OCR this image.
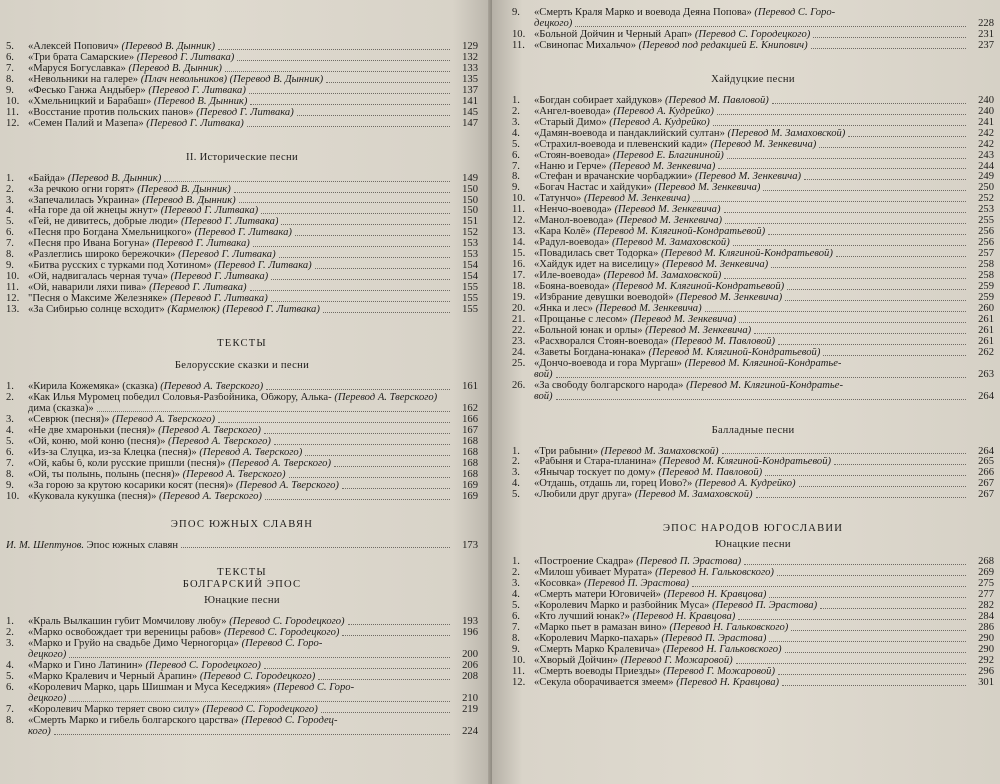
5.	«Алексей Попович» (Перевод В. Дынник)	129
6.	«Три брата Самарские» (Перевод Г. Литвака)	132
7.	«Маруся Богуславка» (Перевод В. Дынник)	133
8.	«Невольники на галере» (Плач невольников) (Перевод В. Дынник)	135
9.	«Феcько Ганжа Андыбер» (Перевод Г. Литвака)	137
10. «Хмельницкий и Барабаш» (Перевод В. Дынник)	141
11. «Восстание против польских панов» (Перевод Г. Литвака)	145
12. «Семен Палий и Мазепа» (Перевод Г. Литвака)	147
II. Исторические песни
1.	«Байда» (Перевод В. Дынник)	149
2.	«За речкою огни горят» (Перевод В. Дынник)	150
3.	«Запечалилась Украина» (Перевод В. Дынник)	150
4.	«На горе да ой жнецы жнут» (Перевод Г. Литвака)	150
5.	«Гей, не дивитесь, добрые люди» (Перевод Г. Литвака)	151
6.	«Песня про Богдана Хмельницкого» (Перевод Г. Литвака)	152
7.	«Песня про Ивана Богуна» (Перевод Г. Литвака)	153
8.	«Разлеглись широко бережочки» (Перевод Г. Литвака)	153
9.	«Битва русских с турками под Хотином» (Перевод Г. Литвака)	154
10. «Ой, надвигалась черная туча» (Перевод Г. Литвака)	154
11. «Ой, наварили ляхи пива» (Перевод Г. Литвака)	155
12. "Песня о Максиме Железняке» (Перевод Г. Литвака)	155
13. «За Сибирью солнце всходит» (Кармелюк) (Перевод Г. Литвака)	155
ТЕКСТЫ
Белорусские сказки и песни
1.	«Кирила Кожемяка» (сказка) (Перевод А. Тверского)	161
2.	«Как Илья Муромец победил Соловья-Разбойника, Обжору, Алька- (Перевод А. Тверского)
дима (сказка)»	162
3.	«Севрюк (песня)» (Перевод А. Тверского)	166
4.	«Не две хмароньки (песня)» (Перевод А. Тверского)	167
5.	«Ой, коню, мой коню (песня)» (Перевод А. Тверского)	168
6.	«Из-за Слуцка, из-за Клецка (песня)» (Перевод А. Тверского)	168
7.	«Ой, кабы б, коли русские пришли (песня)» (Перевод А. Тверского)	168
8.	«Ой, ты полынь, полынь (песня)» (Перевод А. Тверского)	168
9.	«За горою за крутою косарики косят (песня)» (Перевод А. Тверского)	169
10. «Куковала кукушка (песня)» (Перевод А. Тверского)	169
ЭПОС ЮЖНЫХ СЛАВЯН
И. М. Шептунов. Эпос южных славян	173
ТЕКСТЫ
БОЛГАРСКИЙ ЭПОС
Юнацкие песни
1.	«Краль Вылкашин губит Момчилову любу» (Перевод С. Городецкого)	193
2.	«Марко освобождает три вереницы рабов» (Перевод С. Городецкого)	196
3.	«Марко и Груйо на свадьбе Димо Черногорца» (Перевод С. Горо-
децкого)	200
4.	«Марко и Гино Латинин» (Перевод С. Городецкого)	206
5.	«Марко Кралевич и Черный Арапин» (Перевод С. Городецкого)	208
6.	«Королевич Марко, царь Шишман и Муса Кеседжия» (Перевод С. Горо-
децкого)	210
7.	«Королевич Марко теряет свою силу» (Перевод С. Городецкого)	219
8.	«Смерть Марко и гибель болгарского царства» (Перевод С. Городец-
кого)	224
9.	«Смерть Краля Марко и воевода Деяна Попова» (Перевод С. Горо-
децкого)	228
10. «Больной Дойчин и Черный Арап» (Перевод С. Городецкого)	231
11. «Свинопас Михальчо» (Перевод под редакцией Е. Книпович)	237
Хайдуцкие песни
1.	«Богдан собирает хайдуков» (Перевод М. Павловой)	240
2.	«Ангел-воевода» (Перевод А. Кудрейко)	240
3.	«Старый Димо» (Перевод А. Кудрейко)	241
4.	«Дамян-воевода и пандаклийский султан» (Перевод М. Замаховской)	242
5.	«Страхил-воевода и плевенский кади» (Перевод М. Зенкевича)	242
6.	«Стоян-воевода» (Перевод Е. Благининой)	243
7.	«Наню и Герче» (Перевод М. Зенкевича)	244
8.	«Стефан и врачанские чорбаджии» (Перевод М. Зенкевича)	249
9.	«Богач Настас и хайдуки» (Перевод М. Зенкевича)	250
10. «Татунчо» (Перевод М. Зенкевича)	252
11. «Ненчо-воевода» (Перевод М. Зенкевича)	253
12. «Манол-воевода» (Перевод М. Зенкевича)	255
13. «Кара Колё» (Перевод М. Клягиной-Кондратьевой)	256
14. «Радул-воевода» (Перевод М. Замаховской)	256
15. «Повадилась свет Тодорка» (Перевод М. Клягиной-Кондратьевой)	257
16. «Хайдук идет на виселицу» (Перевод М. Зенкевича)	258
17. «Иле-воевода» (Перевод М. Замаховской)	258
18. «Бояна-воевода» (Перевод М. Клягиной-Кондратьевой)	259
19. «Избрание девушки воеводой» (Перевод М. Зенкевича)	259
20. «Янка и лес» (Перевод М. Зенкевича)	260
21. «Прощанье с лесом» (Перевод М. Зенкевича)	261
22. «Больной юнак и орлы» (Перевод М. Зенкевича)	261
23. «Расхворался Стоян-воевода» (Перевод М. Павловой)	261
24. «Заветы Богдана-юнака» (Перевод М. Клягиной-Кондратьевой)	262
25. «Дончо-воевода и гора Мургаш» (Перевод М. Клягиной-Кондратье-
вой)	263
26. «За свободу болгарского народа» (Перевод М. Клягиной-Кондратье-
вой)	264
Балладные песни
1.	«Три рабыни» (Перевод М. Замаховской)	264
2.	«Рабыня и Стара-планина» (Перевод М. Клягиной-Кондратьевой)	265
3.	«Янычар тоскует по дому» (Перевод М. Павловой)	266
4.	«Отдашь, отдашь ли, горец Иово?» (Перевод А. Кудрейко)	267
5.	«Любили друг друга» (Перевод М. Замаховской)	267
ЭПОС НАРОДОВ ЮГОСЛАВИИ
Юнацкие песни
1.	«Построение Скадра» (Перевод П. Эрастова)	268
2.	«Милош убивает Мурата» (Перевод Н. Гальковского)	269
3.	«Косовка» (Перевод П. Эрастова)	275
4.	«Смерть матери Юговичей» (Перевод Н. Кравцова)	277
5.	«Королевич Марко и разбойник Муса» (Перевод П. Эрастова)	282
6.	«Кто лучший юнак?» (Перевод Н. Кравцова)	284
7.	«Марко пьет в рамазан вино» (Перевод Н. Гальковского)	286
8.	«Королевич Марко-пахарь» (Перевод П. Эрастова)	290
9.	«Смерть Марко Кралевича» (Перевод Н. Гальковского)	290
10. «Хворый Дойчин» (Перевод Г. Можаровой)	292
11. «Смерть воеводы Приезды» (Перевод Г. Можаровой)	296
12. «Секула оборачивается змеем» (Перевод Н. Кравцова)	301
